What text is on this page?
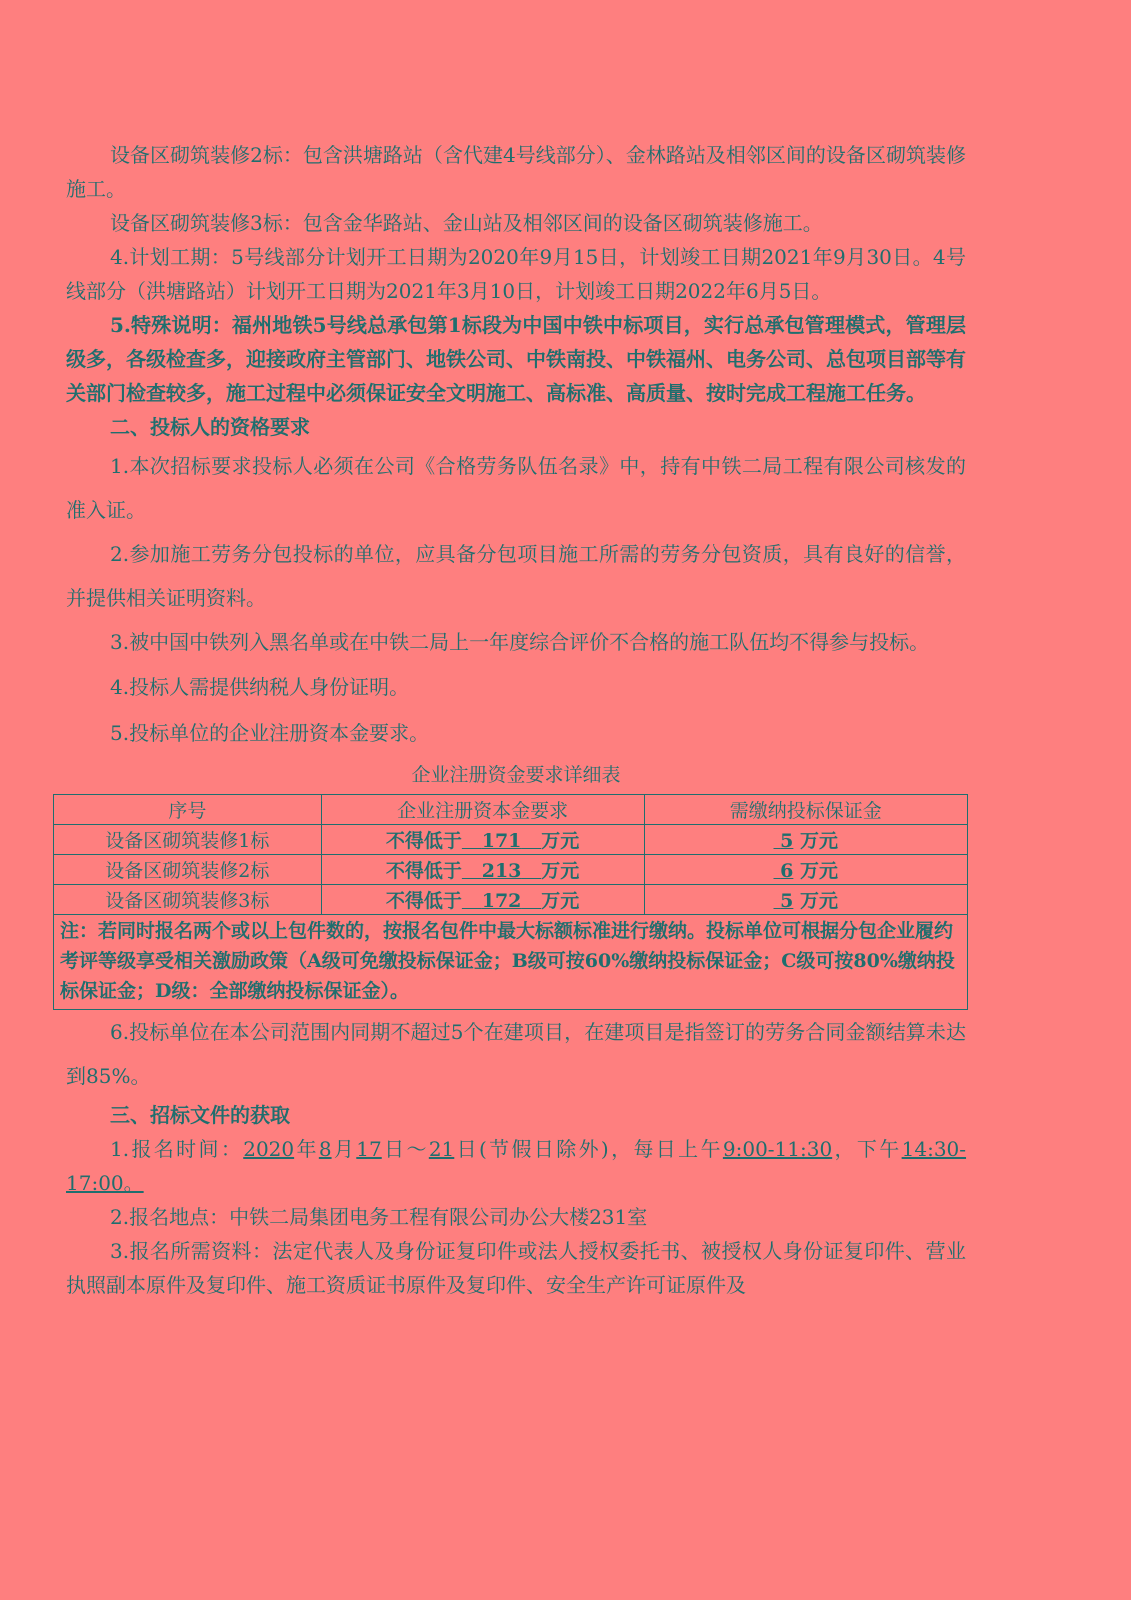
设备区砌筑装修2标：包含洪塘路站（含代建4号线部分）、金林路站及相邻区间的设备区砌筑装修施工。

设备区砌筑装修3标：包含金华路站、金山站及相邻区间的设备区砌筑装修施工。

4.计划工期：5号线部分计划开工日期为2020年9月15日，计划竣工日期2021年9月30日。4号线部分（洪塘路站）计划开工日期为2021年3月10日，计划竣工日期2022年6月5日。

5.特殊说明：福州地铁5号线总承包第1标段为中国中铁中标项目，实行总承包管理模式，管理层级多，各级检查多，迎接政府主管部门、地铁公司、中铁南投、中铁福州、电务公司、总包项目部等有关部门检查较多，施工过程中必须保证安全文明施工、高标准、高质量、按时完成工程施工任务。

二、投标人的资格要求

1.本次招标要求投标人必须在公司《合格劳务队伍名录》中，持有中铁二局工程有限公司核发的准入证。

2.参加施工劳务分包投标的单位，应具备分包项目施工所需的劳务分包资质，具有良好的信誉，并提供相关证明资料。

3.被中国中铁列入黑名单或在中铁二局上一年度综合评价不合格的施工队伍均不得参与投标。

4.投标人需提供纳税人身份证明。

5.投标单位的企业注册资本金要求。

企业注册资金要求详细表

序号	企业注册资本金要求	需缴纳投标保证金
设备区砌筑装修1标	不得低于 171 万元	5 万元
设备区砌筑装修2标	不得低于 213 万元	6 万元
设备区砌筑装修3标	不得低于 172 万元	5 万元
注：若同时报名两个或以上包件数的，按报名包件中最大标额标准进行缴纳。投标单位可根据分包企业履约考评等级享受相关激励政策（A级可免缴投标保证金；B级可按60%缴纳投标保证金；C级可按80%缴纳投标保证金；D级：全部缴纳投标保证金）。		

6.投标单位在本公司范围内同期不超过5个在建项目，在建项目是指签订的劳务合同金额结算未达到85%。

三、招标文件的获取

1.报名时间：2020年8月17日～21日(节假日除外)，每日上午9:00-11:30，下午14:30-17:00。

2.报名地点：中铁二局集团电务工程有限公司办公大楼231室

3.报名所需资料：法定代表人及身份证复印件或法人授权委托书、被授权人身份证复印件、营业执照副本原件及复印件、施工资质证书原件及复印件、安全生产许可证原件及
